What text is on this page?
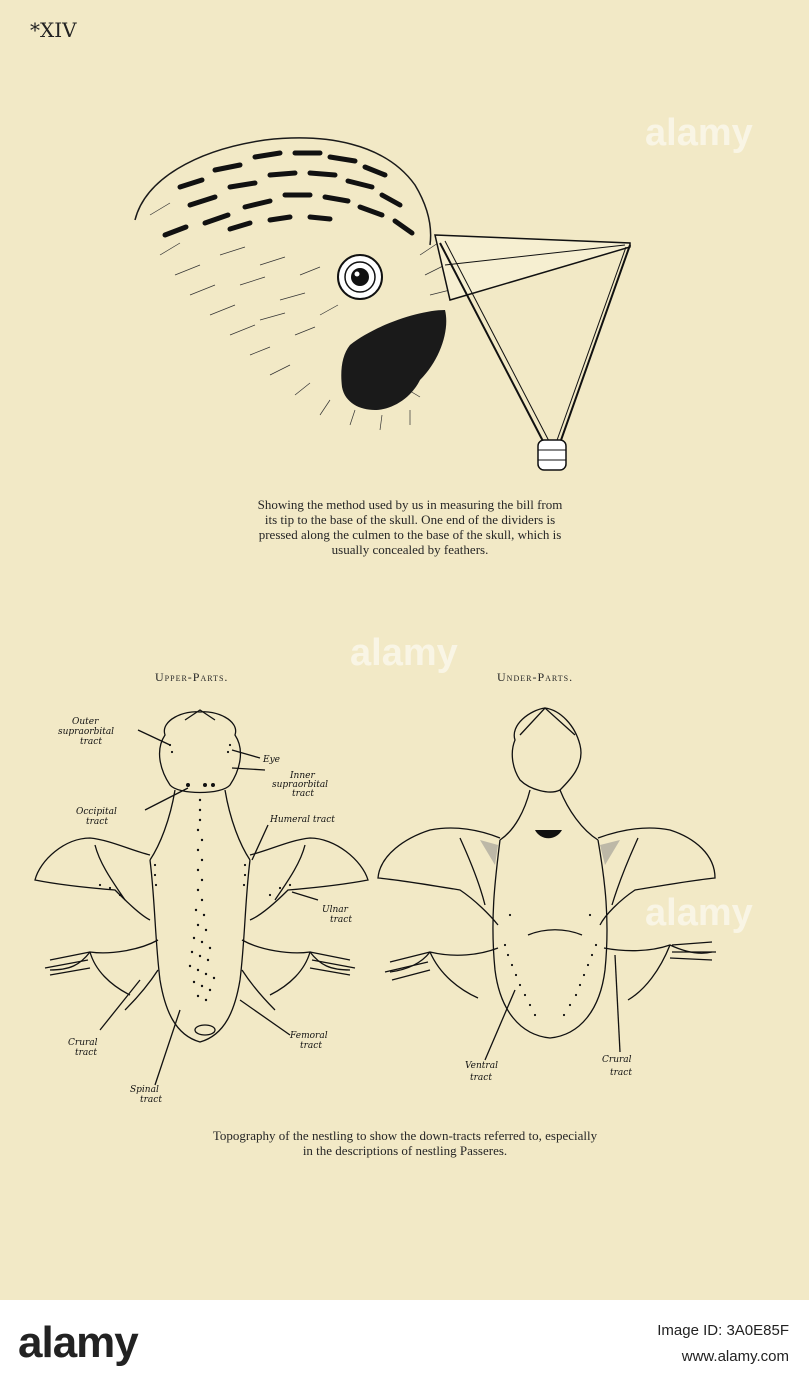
*XIV
Showing the method used by us in measuring the bill from
its tip to the base of the skull. One end of the dividers is
pressed along the culmen to the base of the skull, which is
usually concealed by feathers.
Upper-Parts.	Under-Parts.
Outer
supraorbital
tract
Eye
Inner
supraorbital
tract
Occipital
tract	Humeral tract
Ulnar
tract
Crural
tract
Femoral
tract
Spinal
tract
Ventral
tract
Crural
tract
Topography of the nestling to show the down-tracts referred to, especially
in the descriptions of nestling Passeres.
alamy
alamy
alamy
alamy	Image ID: 3A0E85F
www.alamy.com
